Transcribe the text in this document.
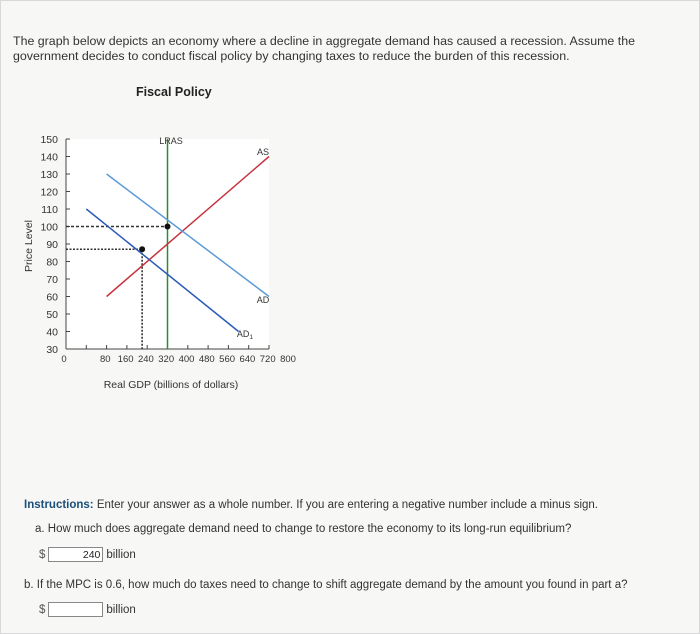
The graph below depicts an economy where a decline in aggregate demand has caused a recession. Assume the government decides to conduct fiscal policy by changing taxes to reduce the burden of this recession.
Fiscal Policy
30
40
50
60
70
80
90
100
110
120
130
140
150
0	80 160 240 320 400 480 560 640 720 800
Real GDP (billions of dollars)
Price Level
LRAS
AS
AD
$AD_1$
Instructions: Enter your answer as a whole number. If you are entering a negative number include a minus sign.
a. How much does aggregate demand need to change to restore the economy to its long-run equilibrium?
$
240	billion
b. If the MPC is 0.6, how much do taxes need to change to shift aggregate demand by the amount you found in part a?
$	billion
